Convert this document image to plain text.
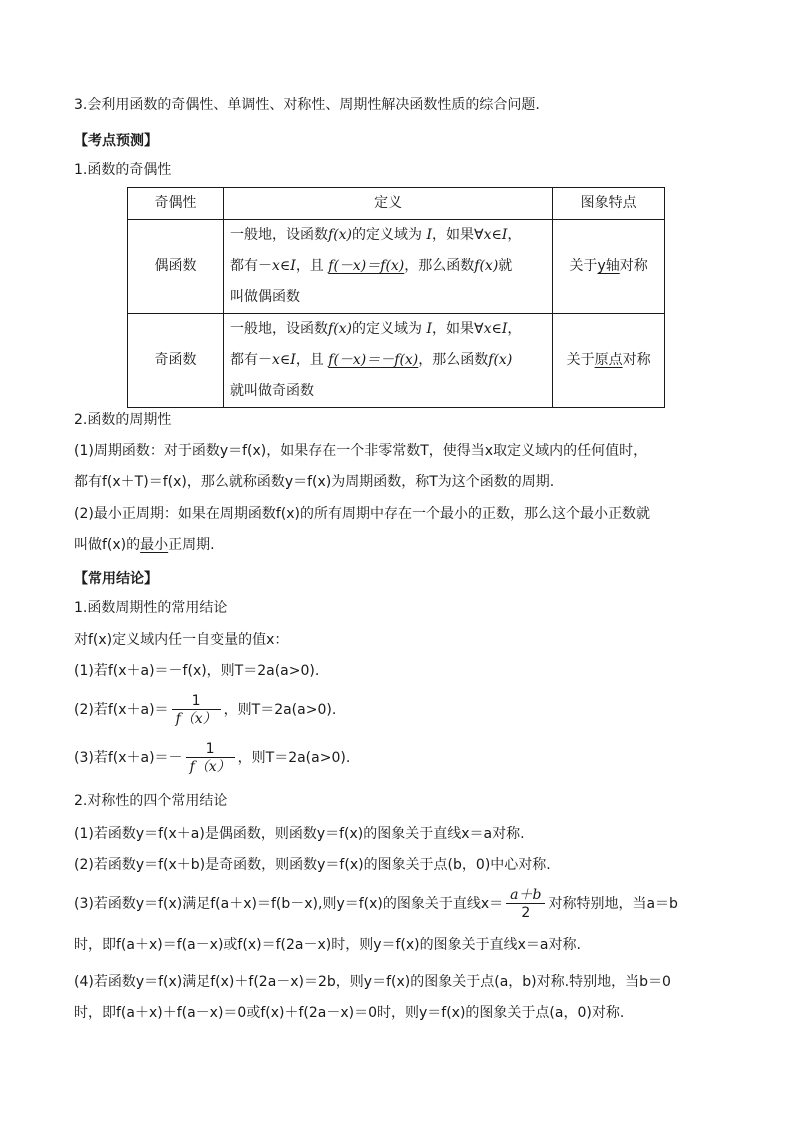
3.会利用函数的奇偶性、单调性、对称性、周期性解决函数性质的综合问题.
【考点预测】
1.函数的奇偶性
奇偶性	定义	图象特点
偶函数	一般地，设函数f(x)的定义域为 I，如果∀x∈I，
都有－x∈I，且 f(－x)＝f(x)，那么函数f(x)就
叫做偶函数	关于y轴对称
奇函数	一般地，设函数f(x)的定义域为 I，如果∀x∈I，
都有－x∈I，且 f(－x)＝－f(x)，那么函数f(x)
就叫做奇函数	关于原点对称
2.函数的周期性
(1)周期函数：对于函数y＝f(x)，如果存在一个非零常数T，使得当x取定义域内的任何值时，
都有f(x＋T)＝f(x)，那么就称函数y＝f(x)为周期函数，称T为这个函数的周期.
(2)最小正周期：如果在周期函数f(x)的所有周期中存在一个最小的正数，那么这个最小正数就
叫做f(x)的最小正周期.
【常用结论】
1.函数周期性的常用结论
对f(x)定义域内任一自变量的值x：
(1)若f(x＋a)＝－f(x)，则T＝2a(a>0).
(2)若$f(x+a)= \frac{1}{f(x)}$ ，则T＝2a(a>0).
(3)若$f(x+a)=- \frac{1}{f(x)}$ ，则T＝2a(a>0).
2.对称性的四个常用结论
(1)若函数y＝f(x＋a)是偶函数，则函数y＝f(x)的图象关于直线x＝a对称.
(2)若函数y＝f(x＋b)是奇函数，则函数y＝f(x)的图象关于点(b，0)中心对称.
(3)若函数y＝f(x)满足f(a＋x)＝f(b－x),则y＝f(x)的图象关于直线$x= \frac{a+b}{2}$ 对称特别地，当a＝b
时，即f(a＋x)＝f(a－x)或f(x)＝f(2a－x)时，则y＝f(x)的图象关于直线x＝a对称.
(4)若函数y＝f(x)满足f(x)＋f(2a－x)＝2b，则y＝f(x)的图象关于点(a，b)对称.特别地，当b＝0
时，即f(a＋x)＋f(a－x)＝0或f(x)＋f(2a－x)＝0时，则y＝f(x)的图象关于点(a，0)对称.
